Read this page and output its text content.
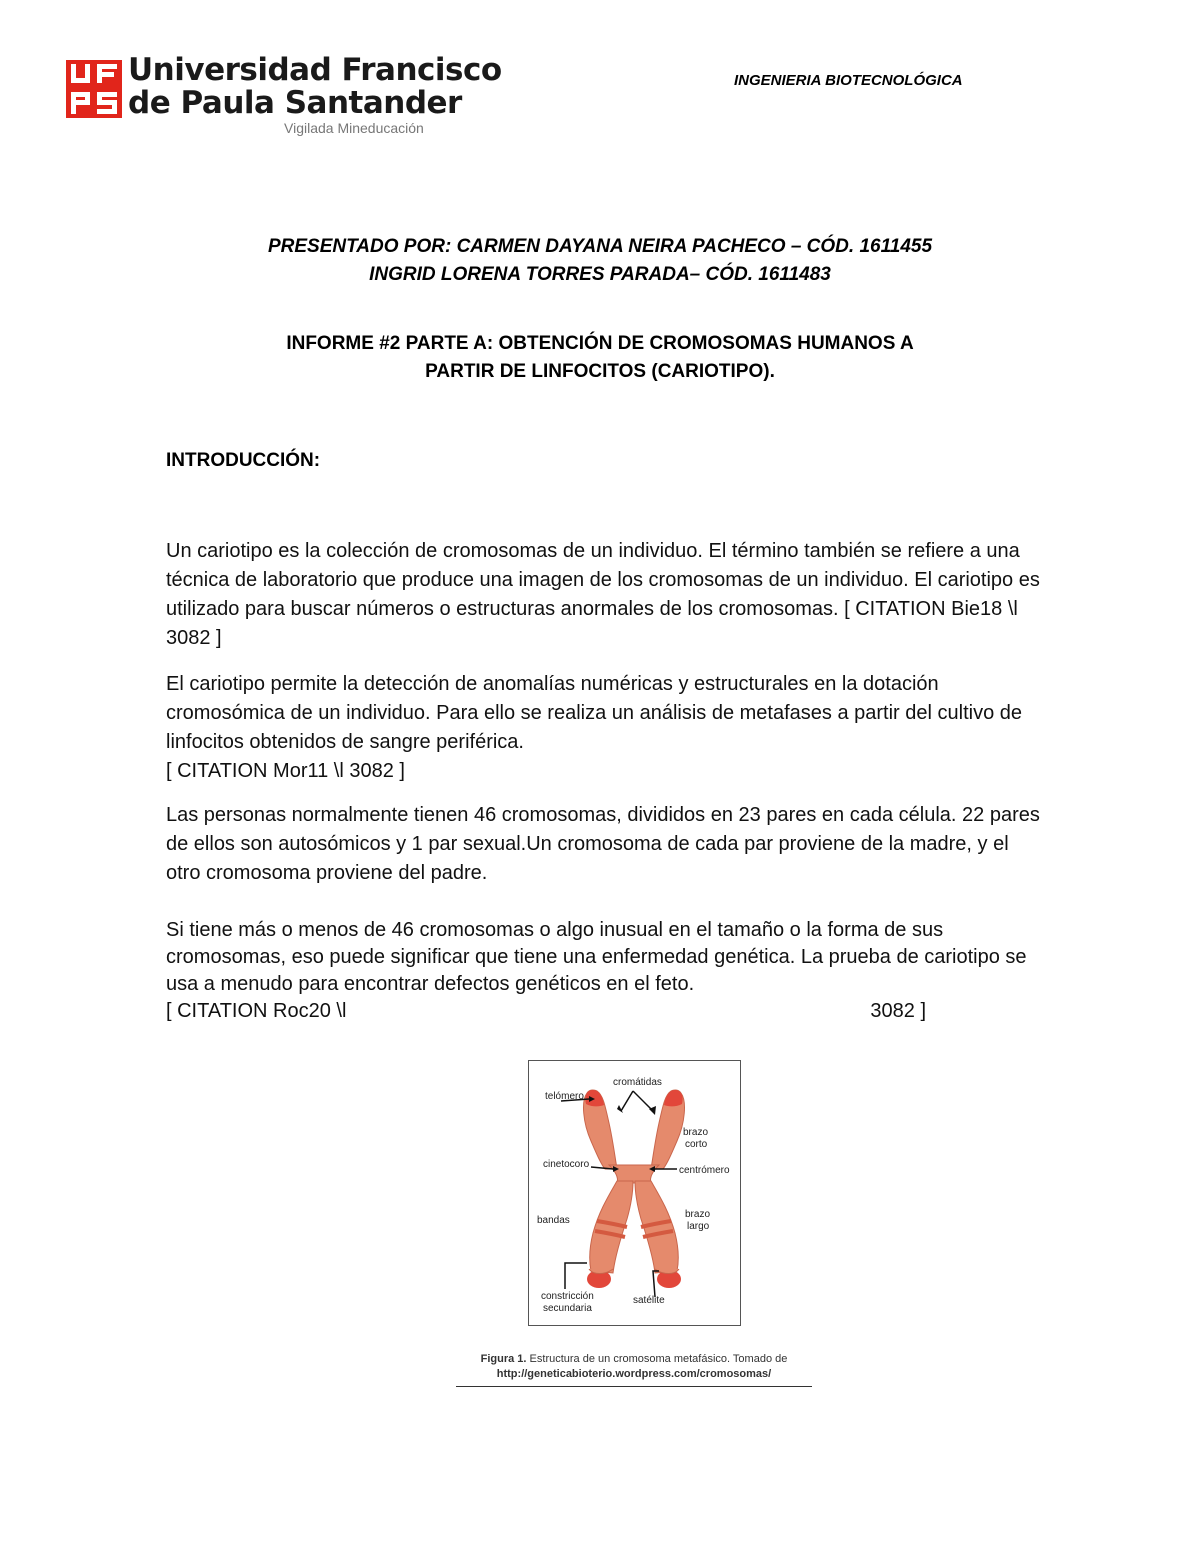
Universidad Francisco
de Paula Santander
Vigilada Mineducación
INGENIERIA BIOTECNOLÓGICA
PRESENTADO POR: CARMEN DAYANA NEIRA PACHECO – CÓD. 1611455
INGRID LORENA TORRES PARADA– CÓD. 1611483
INFORME #2 PARTE A: OBTENCIÓN DE CROMOSOMAS HUMANOS A
PARTIR DE LINFOCITOS (CARIOTIPO).
INTRODUCCIÓN:
Un cariotipo es la colección de cromosomas de un individuo. El término también se refiere a una técnica de laboratorio que produce una imagen de los cromosomas de un individuo. El cariotipo es utilizado para buscar números o estructuras anormales de los cromosomas. [ CITATION Bie18 \l 3082 ]
El cariotipo permite la detección de anomalías numéricas y estructurales en la dotación cromosómica de un individuo. Para ello se realiza un análisis de metafases a partir del cultivo de linfocitos obtenidos de sangre periférica.
[ CITATION Mor11 \l 3082 ]
Las personas normalmente tienen 46 cromosomas, divididos en 23 pares en cada célula. 22 pares de ellos son autosómicos y 1 par sexual.Un cromosoma de cada par proviene de la madre, y el otro cromosoma proviene del padre.
Si tiene más o menos de 46 cromosomas o algo inusual en el tamaño o la forma de sus cromosomas, eso puede significar que tiene una enfermedad genética. La prueba de cariotipo se usa a menudo para encontrar defectos genéticos en el feto.
[ CITATION Roc20 \l	3082 ]
cromátidas
telómero
brazo
corto
cinetocoro
centrómero
bandas
brazo
largo
constricción
secundaria
satélite
Figura 1. Estructura de un cromosoma metafásico. Tomado de
http://geneticabioterio.wordpress.com/cromosomas/
